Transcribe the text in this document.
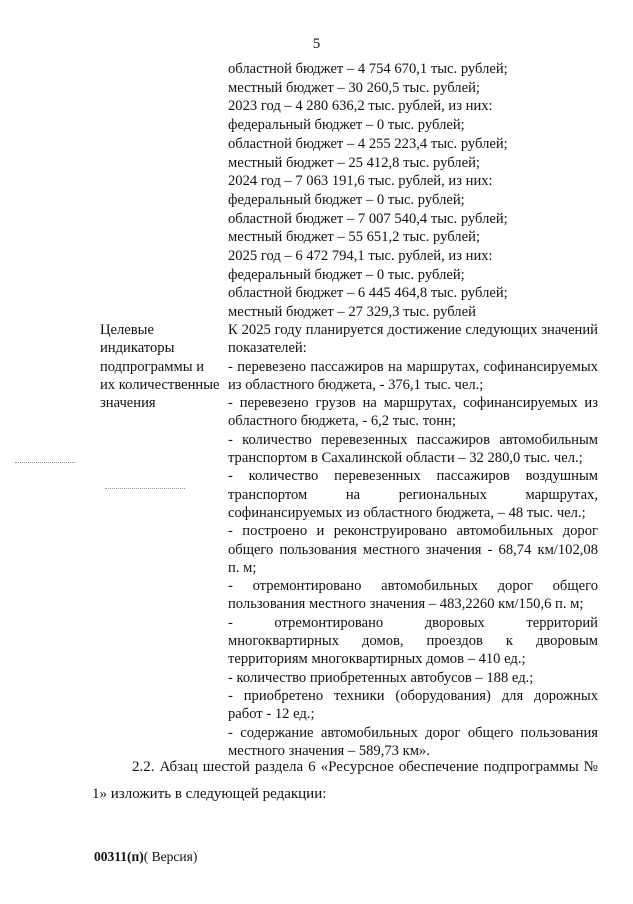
5
областной бюджет – 4 754 670,1 тыс. рублей;
местный бюджет – 30 260,5 тыс. рублей;
2023 год – 4 280 636,2 тыс. рублей, из них:
федеральный бюджет – 0 тыс. рублей;
областной бюджет – 4 255 223,4 тыс. рублей;
местный бюджет – 25 412,8 тыс. рублей;
2024 год – 7 063 191,6 тыс. рублей, из них:
федеральный бюджет – 0 тыс. рублей;
областной бюджет – 7 007 540,4 тыс. рублей;
местный бюджет – 55 651,2 тыс. рублей;
2025 год – 6 472 794,1 тыс. рублей, из них:
федеральный бюджет – 0 тыс. рублей;
областной бюджет – 6 445 464,8 тыс. рублей;
местный бюджет – 27 329,3 тыс. рублей
Целевые индикаторы подпрограммы и их количественные значения

К 2025 году планируется достижение следующих значений показателей:

- перевезено пассажиров на маршрутах, софинансируемых из областного бюджета, - 376,1 тыс. чел.;

- перевезено грузов на маршрутах, софинансируемых из областного бюджета, - 6,2 тыс. тонн;

- количество перевезенных пассажиров автомобильным транспортом в Сахалинской области – 32 280,0 тыс. чел.;

- количество перевезенных пассажиров воздушным транспортом на региональных маршрутах, софинансируемых из областного бюджета, – 48 тыс. чел.;

- построено и реконструировано автомобильных дорог общего пользования местного значения - 68,74 км/102,08 п. м;

- отремонтировано автомобильных дорог общего пользования местного значения – 483,2260 км/150,6 п. м;

- отремонтировано дворовых территорий многоквартирных домов, проездов к дворовым территориям многоквартирных домов – 410 ед.;

- количество приобретенных автобусов – 188 ед.;

- приобретено техники (оборудования) для дорожных работ - 12 ед.;

- содержание автомобильных дорог общего пользования местного значения – 589,73 км».

2.2. Абзац шестой раздела 6 «Ресурсное обеспечение подпрограммы № 1» изложить в следующей редакции:
00311(п)( Версия)
